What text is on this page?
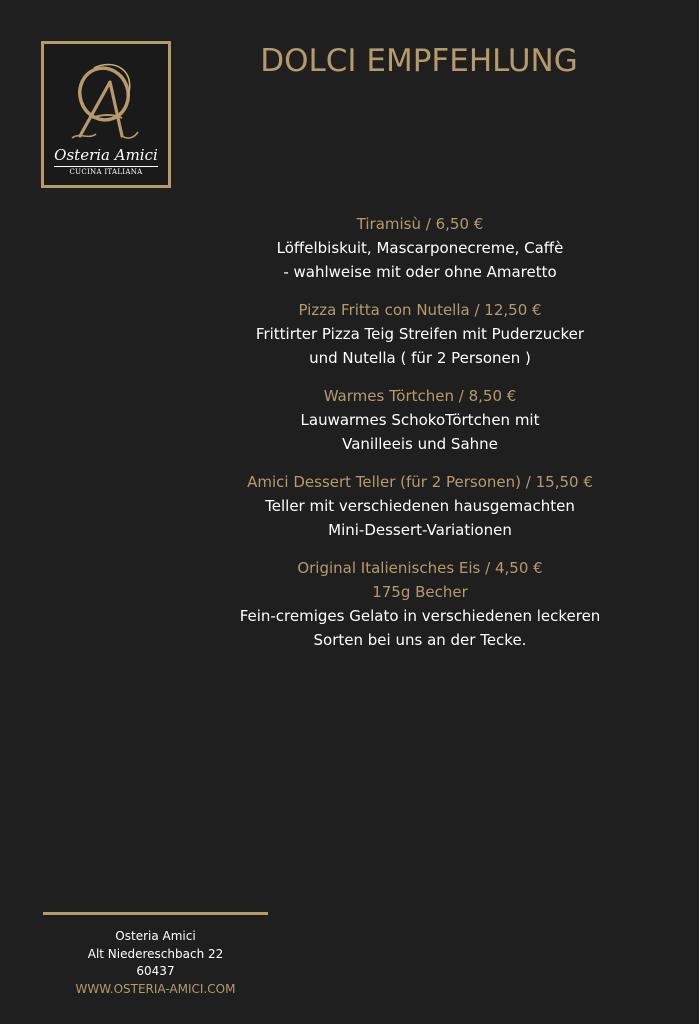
Osteria Amici
CUCINA ITALIANA
DOLCI EMPFEHLUNG
Tiramisù / 6,50 €
Löffelbiskuit, Mascarponecreme, Caffè
- wahlweise mit oder ohne Amaretto
Pizza Fritta con Nutella / 12,50 €
Frittirter Pizza Teig Streifen mit Puderzucker
und Nutella ( für 2 Personen )
Warmes Törtchen / 8,50 €
Lauwarmes SchokoTörtchen mit
Vanilleeis und Sahne
Amici Dessert Teller (für 2 Personen) / 15,50 €
Teller mit verschiedenen hausgemachten
Mini-Dessert-Variationen
Original Italienisches Eis / 4,50 €
175g Becher
Fein-cremiges Gelato in verschiedenen leckeren
Sorten bei uns an der Tecke.
Osteria Amici
Alt Niedereschbach 22
60437
WWW.OSTERIA-AMICI.COM
